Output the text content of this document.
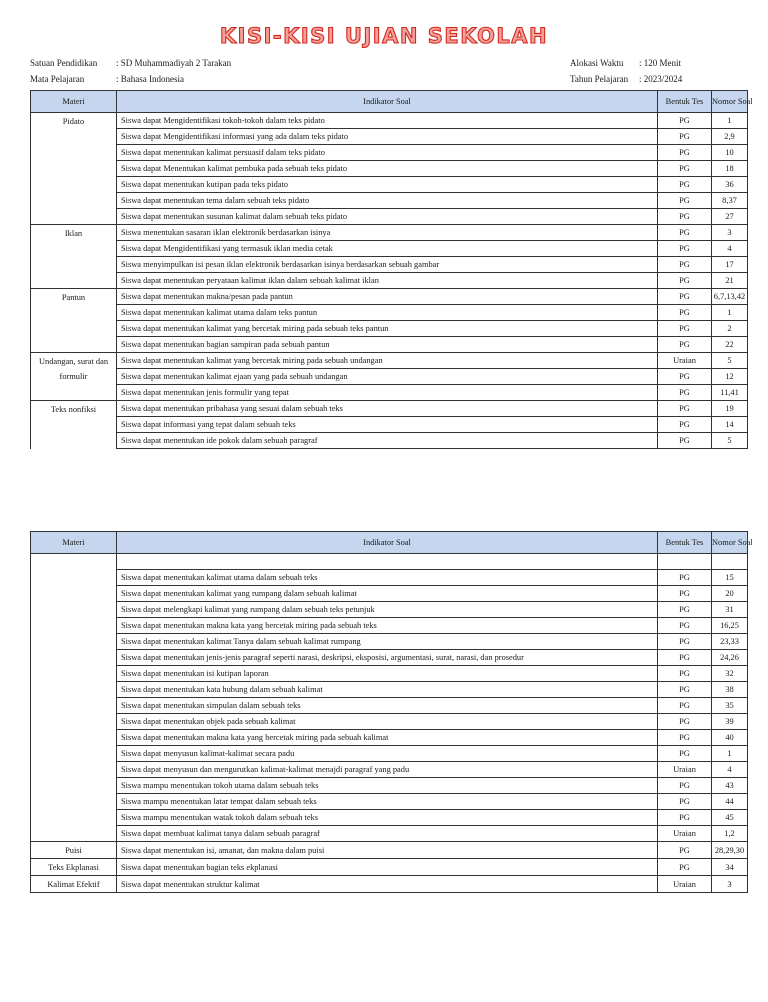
KISI-KISI UJIAN SEKOLAH
Satuan Pendidikan : SD Muhammadiyah 2 Tarakan
Mata Pelajaran	: Bahasa Indonesia
Alokasi Waktu : 120 Menit
Tahun Pelajaran : 2023/2024
Materi	Indikator Soal	Bentuk Tes	Nomor Soal
Pidato	Siswa dapat Mengidentifikasi tokoh-tokoh dalam teks pidato	PG	1
	Siswa dapat Mengidentifikasi informasi yang ada dalam teks pidato	PG	2,9
	Siswa dapat menentukan kalimat persuasif dalam teks pidato	PG	10
	Siswa dapat Menentukan kalimat pembuka pada sebuah teks pidato	PG	18
	Siswa dapat menentukan kutipan pada teks pidato	PG	36
	Siswa dapat menentukan tema dalam sebuah teks pidato	PG	8,37
	Siswa dapat menentukan susunan kalimat dalam sebuah teks pidato	PG	27
Iklan	Siswa menentukan sasaran iklan elektronik berdasarkan isinya	PG	3
	Siswa dapat Mengidentifikasi yang termasuk iklan media cetak	PG	4
	Siswa menyimpulkan isi pesan iklan elektronik berdasarkan isinya berdasarkan sebuah gambar	PG	17
	Siswa dapat menentukan peryataan kalimat iklan dalam sebuah kalimat iklan	PG	21
Pantun	Siswa dapat menentukan makna/pesan pada pantun	PG	6,7,13,42
	Siswa dapat menentukan kalimat utama dalam teks pantun	PG	1
	Siswa dapat menentukan kalimat yang bercetak miring pada sebuah teks pantun	PG	2
	Siswa dapat menentukan bagian sampiran pada sebuah pantun	PG	22
Undangan, surat dan formulir	Siswa dapat menentukan kalimat yang bercetak miring pada sebuah undangan	Uraian	5
	Siswa dapat menentukan kalimat ejaan yang pada sebuah undangan	PG	12
	Siswa dapat menentukan jenis formulir yang tepat	PG	11,41
Teks nonfiksi	Siswa dapat menentukan pribahasa yang sesuai dalam sebuah teks	PG	19
	Siswa dapat informasi yang tepat dalam sebuah teks	PG	14
	Siswa dapat menentukan ide pokok dalam sebuah paragraf	PG	5
Materi	Indikator Soal	Bentuk Tes	Nomor Soal

	Siswa dapat menentukan kalimat utama dalam sebuah teks	PG	15
	Siswa dapat menentukan kalimat yang rumpang dalam sebuah kalimat	PG	20
	Siswa dapat melengkapi kalimat yang rumpang dalam sebuah teks petunjuk	PG	31
	Siswa dapat menentukan makna kata yang bercetak miring pada sebuah teks	PG	16,25
	Siswa dapat menentukan kalimat Tanya dalam sebuah kalimat rumpang	PG	23,33
	Siswa dapat menentukan jenis-jenis paragraf seperti narasi, deskripsi, eksposisi, argumentasi, surat, narasi, dan prosedur	PG	24,26
	Siswa dapat menentukan isi kutipan laporan	PG	32
	Siswa dapat menentukan kata hubung dalam sebuah kalimat	PG	38
	Siswa dapat menentukan simpulan dalam sebuah teks	PG	35
	Siswa dapat menentukan objek pada sebuah kalimat	PG	39
	Siswa dapat menentukan makna kata yang bercetak miring pada sebuah kalimat	PG	40
	Siswa dapat menyusun kalimat-kalimat secara padu	PG	1
	Siswa dapat menyusun dan mengurutkan kalimat-kalimat menajdi paragraf yang padu	Uraian	4
	Siswa mampu menentukan tokoh utama dalam sebuah teks	PG	43
	Siswa mampu menentukan latar tempat dalam sebuah teks	PG	44
	Siswa mampu menentukan watak tokoh dalam sebuah teks	PG	45
	Siswa dapat membuat kalimat tanya dalam sebuah paragraf	Uraian	1,2
Puisi	Siswa dapat menentukan isi, amanat, dan makna dalam puisi	PG	28,29,30
Teks Ekplanasi	Siswa dapat menentukan bagian teks ekplanasi	PG	34
Kalimat Efektif	Siswa dapat menentukan struktur kalimat	Uraian	3
